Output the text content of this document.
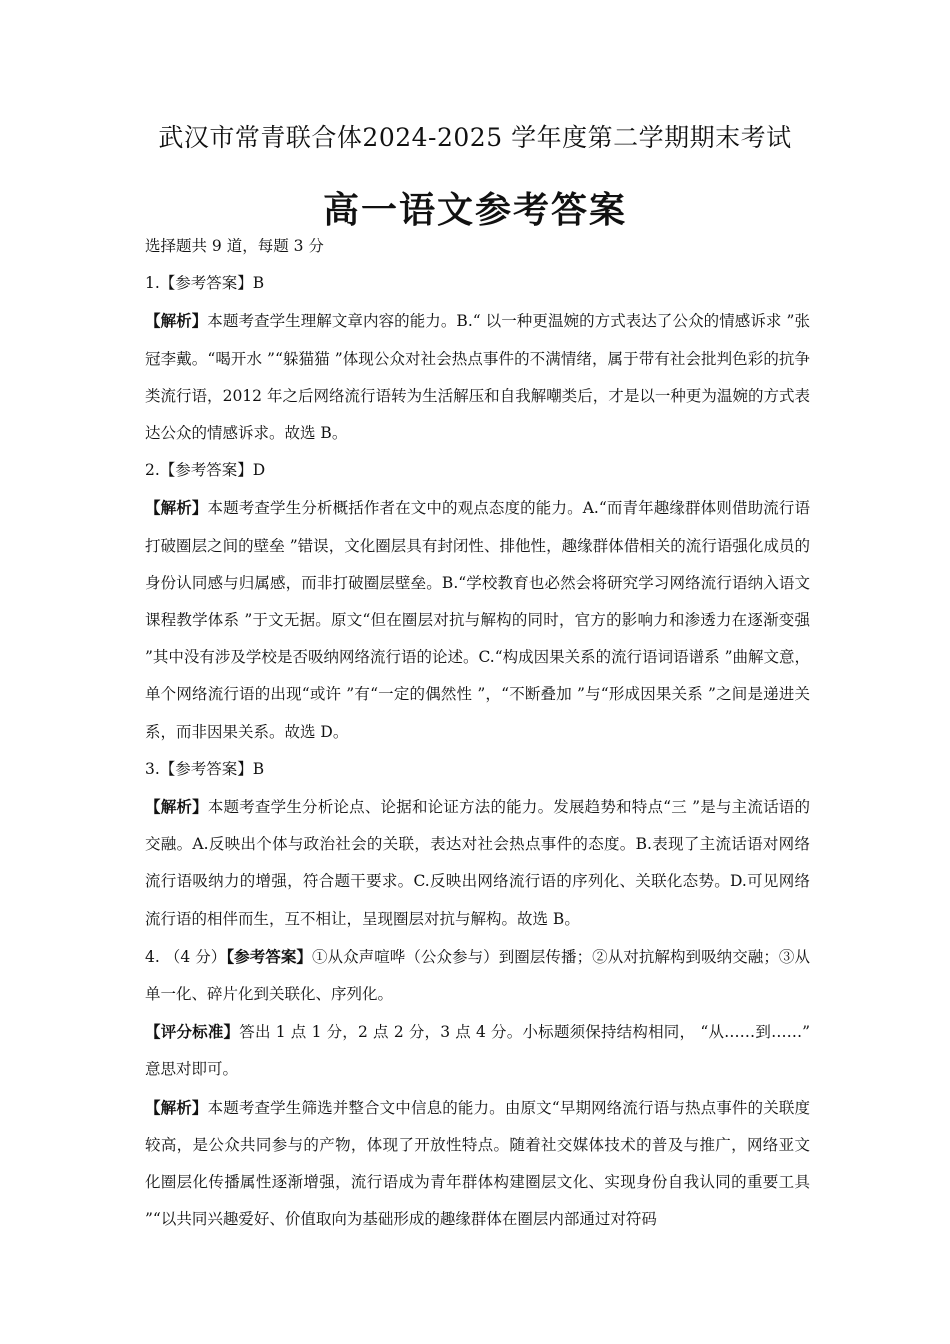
武汉市常青联合体2024-2025 学年度第二学期期末考试
高一语文参考答案

选择题共 9 道，每题 3 分

1.【参考答案】B

【解析】本题考查学生理解文章内容的能力。B.“ 以一种更温婉的方式表达了公众的情感诉求 ”张冠李戴。“喝开水 ”“躲猫猫 ”体现公众对社会热点事件的不满情绪，属于带有社会批判色彩的抗争类流行语，2012 年之后网络流行语转为生活解压和自我解嘲类后，才是以一种更为温婉的方式表达公众的情感诉求。故选 B。

2.【参考答案】D

【解析】本题考查学生分析概括作者在文中的观点态度的能力。A.“而青年趣缘群体则借助流行语打破圈层之间的壁垒 ”错误，文化圈层具有封闭性、排他性，趣缘群体借相关的流行语强化成员的身份认同感与归属感，而非打破圈层壁垒。B.“学校教育也必然会将研究学习网络流行语纳入语文课程教学体系 ”于文无据。原文“但在圈层对抗与解构的同时，官方的影响力和渗透力在逐渐变强 ”其中没有涉及学校是否吸纳网络流行语的论述。C.“构成因果关系的流行语词语谱系 ”曲解文意，单个网络流行语的出现“或许 ”有“一定的偶然性 ”，“不断叠加 ”与“形成因果关系 ”之间是递进关系，而非因果关系。故选 D。

3.【参考答案】B

【解析】本题考查学生分析论点、论据和论证方法的能力。发展趋势和特点“三 ”是与主流话语的交融。A.反映出个体与政治社会的关联，表达对社会热点事件的态度。B.表现了主流话语对网络流行语吸纳力的增强，符合题干要求。C.反映出网络流行语的序列化、关联化态势。D.可见网络流行语的相伴而生，互不相让，呈现圈层对抗与解构。故选 B。

4. （4 分）【参考答案】①从众声喧哗（公众参与）到圈层传播；②从对抗解构到吸纳交融；③从单一化、碎片化到关联化、序列化。

【评分标准】答出 1 点 1 分，2 点 2 分，3 点 4 分。小标题须保持结构相同， “从……到……” 意思对即可。

【解析】本题考查学生筛选并整合文中信息的能力。由原文“早期网络流行语与热点事件的关联度较高，是公众共同参与的产物，体现了开放性特点。随着社交媒体技术的普及与推广，网络亚文化圈层化传播属性逐渐增强，流行语成为青年群体构建圈层文化、实现身份自我认同的重要工具 ”“以共同兴趣爱好、价值取向为基础形成的趣缘群体在圈层内部通过对符码
